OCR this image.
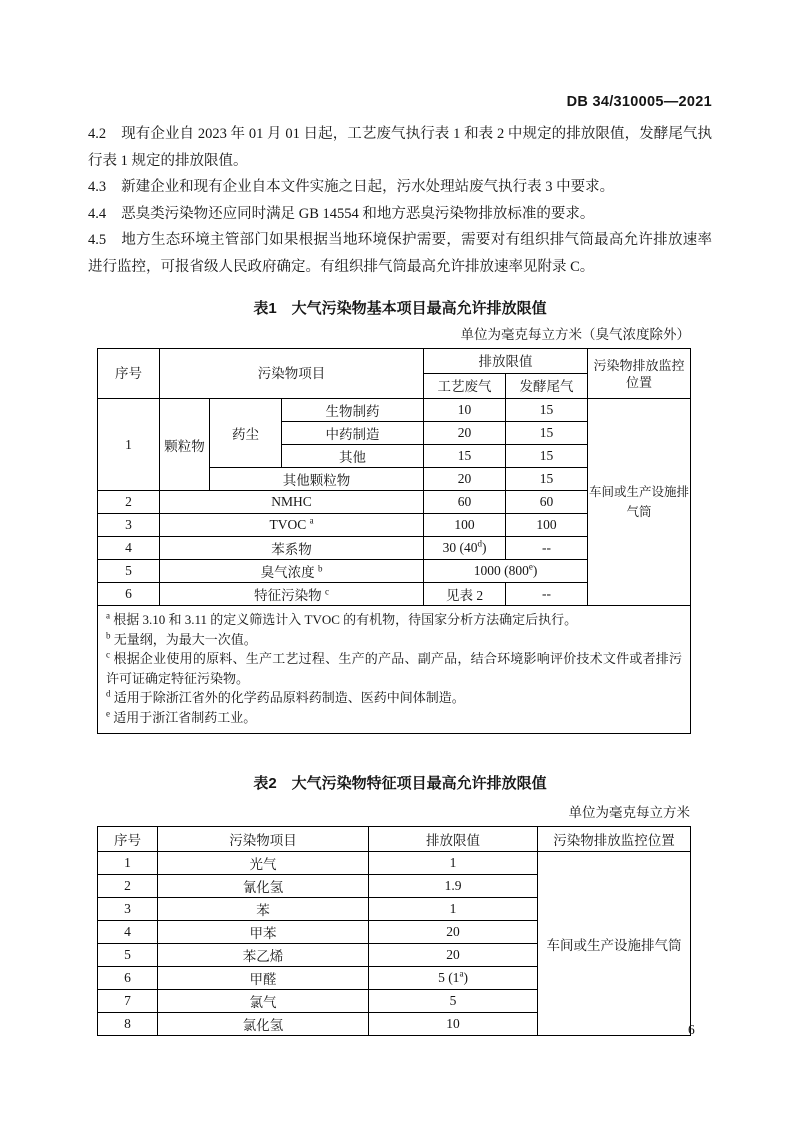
DB 34/310005—2021

4.2 现有企业自 2023 年 01 月 01 日起，工艺废气执行表 1 和表 2 中规定的排放限值，发酵尾气执行表 1 规定的排放限值。

4.3 新建企业和现有企业自本文件实施之日起，污水处理站废气执行表 3 中要求。

4.4 恶臭类污染物还应同时满足 GB 14554 和地方恶臭污染物排放标准的要求。

4.5 地方生态环境主管部门如果根据当地环境保护需要，需要对有组织排气筒最高允许排放速率进行监控，可报省级人民政府确定。有组织排气筒最高允许排放速率见附录 C。

表1　大气污染物基本项目最高允许排放限值
单位为毫克每立方米（臭气浓度除外）
序号	污染物项目			排放限值		污染物排放监控位置
				工艺废气	发酵尾气	
1	颗粒物	药尘	生物制药	10	15	车间或生产设施排气筒
			中药制造	20	15	
			其他	15	15	
		其他颗粒物		20	15	
2	NMHC			60	60	
3	TVOC $^a$			100	100	
4	苯系物			30 (40$^d$)	--	
5	臭气浓度 $^b$			1000 (800e)		
6	特征污染物 $^c$			见表 2	--	

$^a$ 根据 3.10 和 3.11 的定义筛选计入 TVOC 的有机物，待国家分析方法确定后执行。
$^b$ 无量纲，为最大一次值。
$^c$ 根据企业使用的原料、生产工艺过程、生产的产品、副产品，结合环境影响评价技术文件或者排污许可证确定特征污染物。
$^d$ 适用于除浙江省外的化学药品原料药制造、医药中间体制造。
$^e$ 适用于浙江省制药工业。						
表2　大气污染物特征项目最高允许排放限值
单位为毫克每立方米
序号	污染物项目	排放限值	污染物排放监控位置
1	光气	1	车间或生产设施排气筒
2	氰化氢	1.9	
3	苯	1	
4	甲苯	20	
5	苯乙烯	20	
6	甲醛	5 (1$^a$)	
7	氯气	5	
8	氯化氢	10		6
